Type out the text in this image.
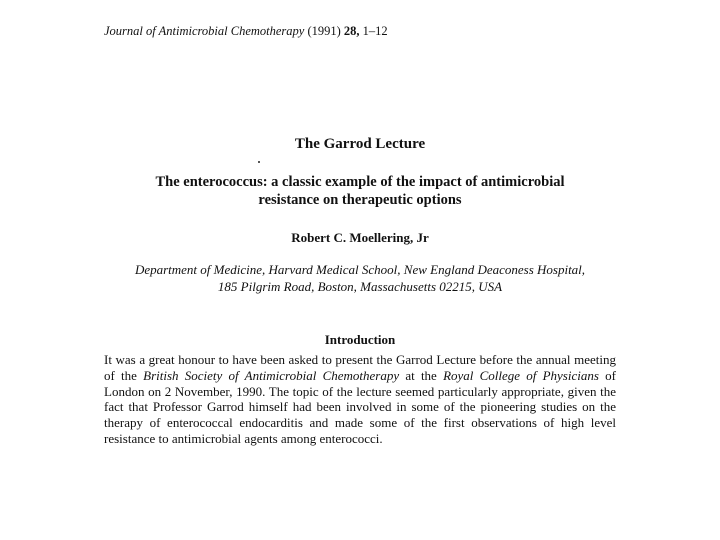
Journal of Antimicrobial Chemotherapy (1991) 28, 1–12
The Garrod Lecture
The enterococcus: a classic example of the impact of antimicrobial
resistance on therapeutic options
Robert C. Moellering, Jr
Department of Medicine, Harvard Medical School, New England Deaconess Hospital,
185 Pilgrim Road, Boston, Massachusetts 02215, USA
Introduction

It was a great honour to have been asked to present the Garrod Lecture before the annual meeting of the British Society of Antimicrobial Chemotherapy at the Royal College of Physicians of London on 2 November, 1990. The topic of the lecture seemed particularly appropriate, given the fact that Professor Garrod himself had been involved in some of the pioneering studies on the therapy of enterococcal endocarditis and made some of the first observations of high level resistance to antimicrobial agents among enterococci.
